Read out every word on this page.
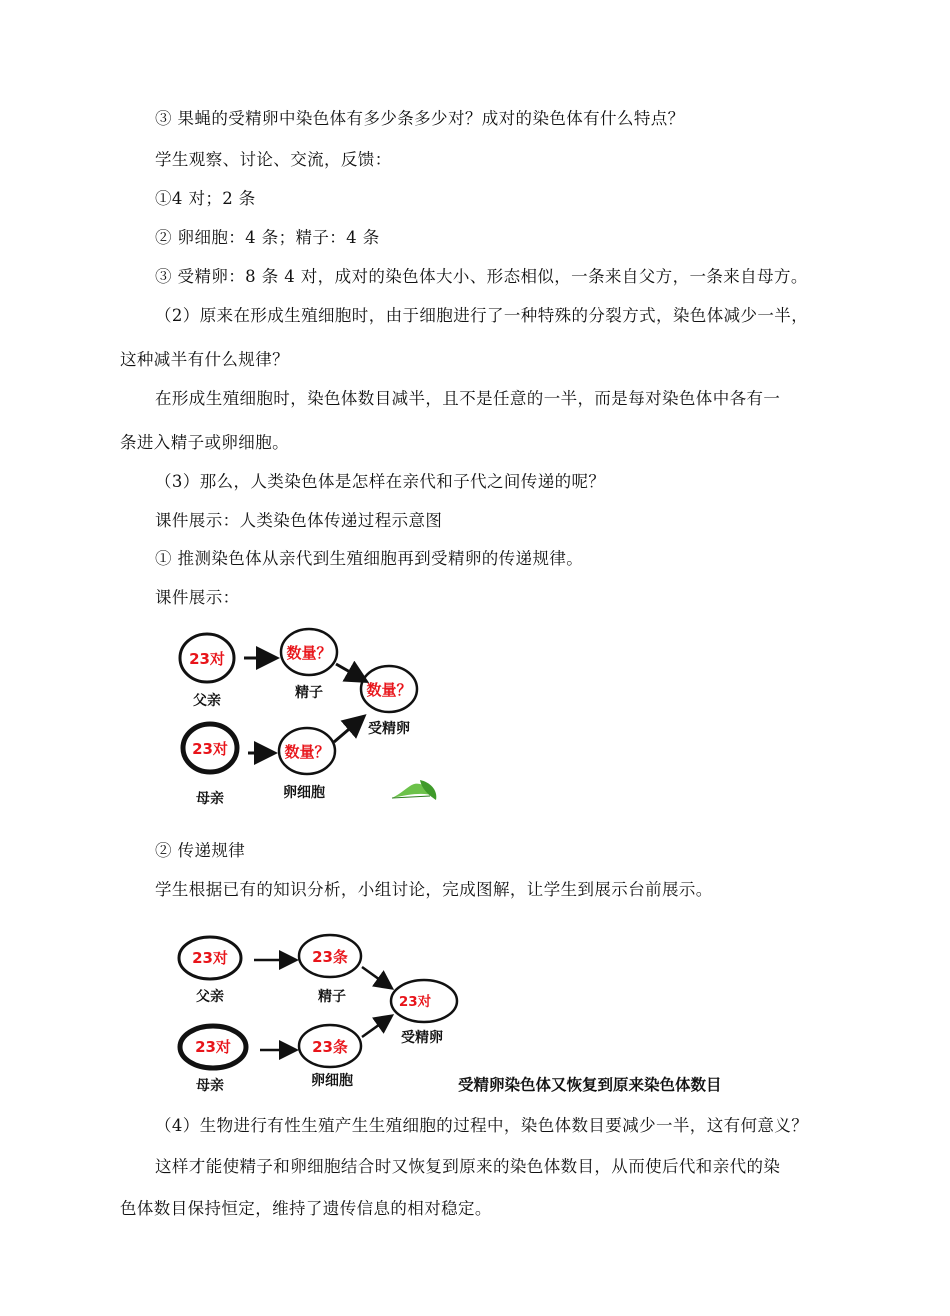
③ 果蝇的受精卵中染色体有多少条多少对？成对的染色体有什么特点？
学生观察、讨论、交流，反馈：
①4 对；2 条
② 卵细胞：4 条；精子：4 条
③ 受精卵：8 条 4 对，成对的染色体大小、形态相似，一条来自父方，一条来自母方。
（2）原来在形成生殖细胞时，由于细胞进行了一种特殊的分裂方式，染色体减少一半，
这种减半有什么规律？
在形成生殖细胞时，染色体数目减半，且不是任意的一半，而是每对染色体中各有一
条进入精子或卵细胞。
（3）那么，人类染色体是怎样在亲代和子代之间传递的呢？
课件展示：人类染色体传递过程示意图
① 推测染色体从亲代到生殖细胞再到受精卵的传递规律。
课件展示：
23对
父亲
数量？
精子	数量？
受精卵
23对
母亲
数量？
卵细胞
② 传递规律
学生根据已有的知识分析，小组讨论，完成图解，让学生到展示台前展示。
23对
父亲
23条
精子	23对
受精卵
23对
母亲
23条
卵细胞	受精卵染色体又恢复到原来染色体数目
（4）生物进行有性生殖产生生殖细胞的过程中，染色体数目要减少一半，这有何意义？
这样才能使精子和卵细胞结合时又恢复到原来的染色体数目，从而使后代和亲代的染
色体数目保持恒定，维持了遗传信息的相对稳定。
